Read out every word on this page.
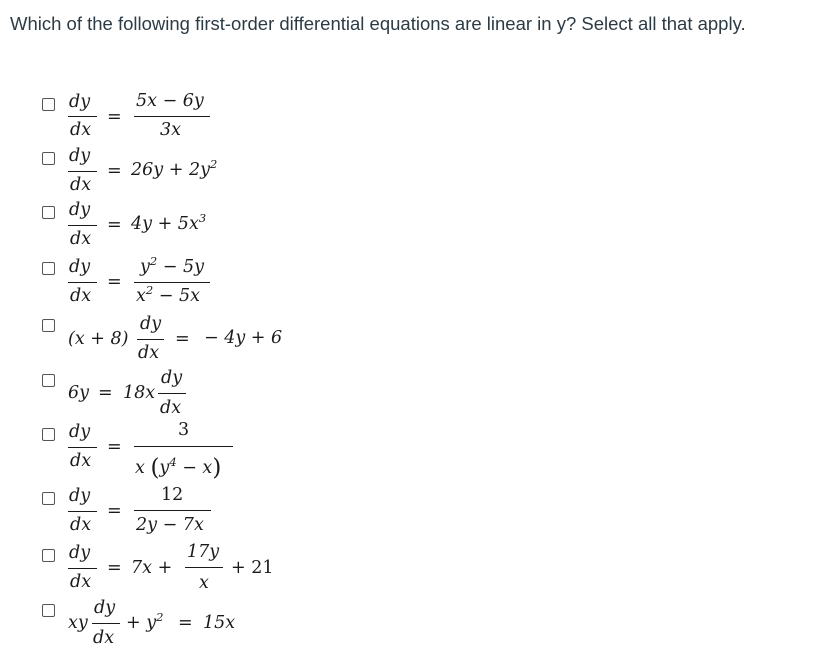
Which of the following first-order differential equations are linear in y? Select all that apply.
dy
dx
=
5x − 6y
3x
dy
dx
= $26y + 2y^2$
dy
dx
= $4y + 5x^3$
dy
dx
=
$y^2 - 5y$
$x^2 - 5x$
(x + 8)
dy
dx
= − 4y + 6
6y = 18x
dy
dx
dy
dx
=
3
x $(y^4 - x)$
dy
dx
=
12
2y − 7x
dy
dx
= 7x +
17y
x
+ 21
xy
dy
dx
+ $y^2 = 15x$
